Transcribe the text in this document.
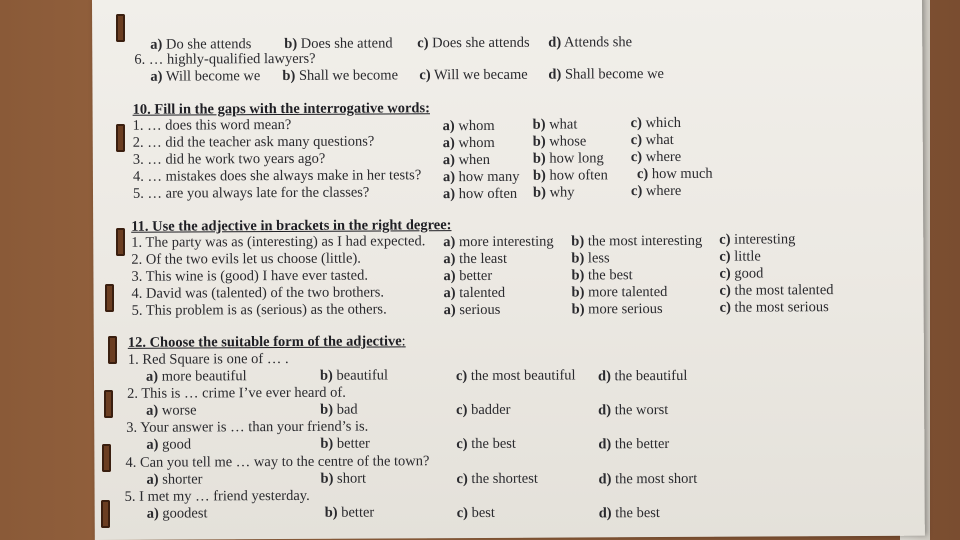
a) Do she attends b) Does she attend c) Does she attends d) Attends she
6. … highly-qualified lawyers?
a) Will become we b) Shall we become c) Will we became d) Shall become we
10. Fill in the gaps with the interrogative words:
1. … does this word mean?	a) whom	b) what	c) which
2. … did the teacher ask many questions?	a) whom	b) whose	c) what
3. … did he work two years ago?	a) when	b) how long c) where
4. … mistakes does she always make in her tests? a) how many b) how often c) how much
5. … are you always late for the classes?	a) how often b) why	c) where
11. Use the adjective in brackets in the right degree:
1. The party was as (interesting) as I had expected. a) more interesting b) the most interesting c) interesting
2. Of the two evils let us choose (little).	a) the least	b) less	c) little
3. This wine is (good) I have ever tasted.	a) better	b) the best	c) good
4. David was (talented) of the two brothers.	a) talented	b) more talented	c) the most talented
5. This problem is as (serious) as the others.	a) serious	b) more serious	c) the most serious
12. Choose the suitable form of the adjective:
1. Red Square is one of … .
a) more beautiful	b) beautiful	c) the most beautiful d) the beautiful
2. This is … crime I’ve ever heard of.
a) worse	b) bad	c) badder	d) the worst
3. Your answer is … than your friend’s is.
a) good	b) better	c) the best	d) the better
4. Can you tell me … way to the centre of the town?
a) shorter	b) short	c) the shortest	d) the most short
5. I met my … friend yesterday.
a) goodest	b) better	c) best	d) the best
